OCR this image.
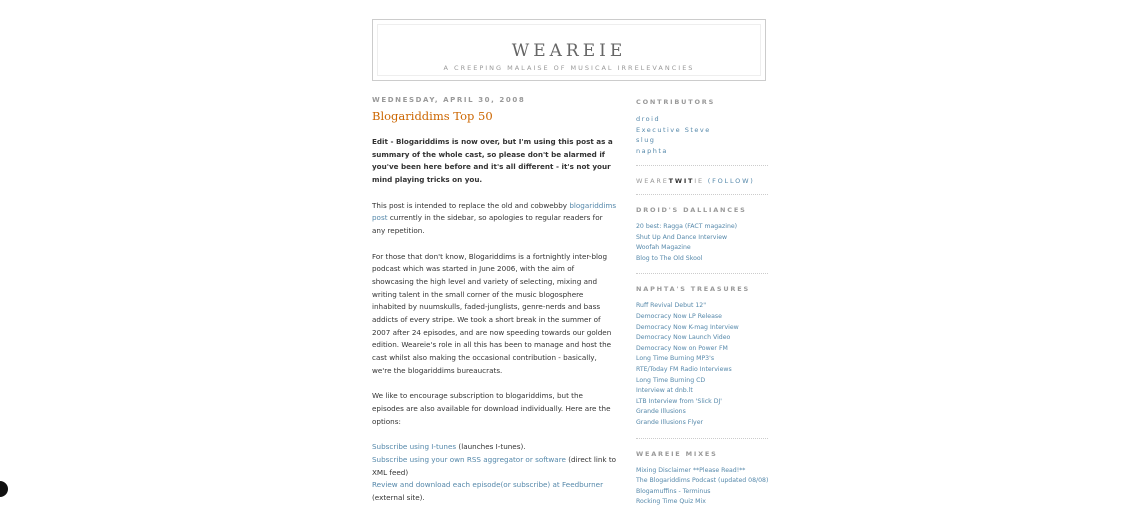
WEAREIE
A CREEPING MALAISE OF MUSICAL IRRELEVANCIES
WEDNESDAY, APRIL 30, 2008
Blogariddims Top 50

Edit - Blogariddims is now over, but I'm using this post as a summary of the whole cast, so please don't be alarmed if you've been here before and it's all different - it's not your mind playing tricks on you.

This post is intended to replace the old and cobwebby blogariddims post currently in the sidebar, so apologies to regular readers for any repetition.

For those that don't know, Blogariddims is a fortnightly inter-blog podcast which was started in June 2006, with the aim of showcasing the high level and variety of selecting, mixing and writing talent in the small corner of the music blogosphere inhabited by nuumskulls, faded-junglists, genre-nerds and bass addicts of every stripe. We took a short break in the summer of 2007 after 24 episodes, and are now speeding towards our golden edition. Weareie's role in all this has been to manage and host the cast whilst also making the occasional contribution - basically, we're the blogariddims bureaucrats.

We like to encourage subscription to blogariddims, but the episodes are also available for download individually. Here are the options:

Subscribe using I-tunes (launches I-tunes).
Subscribe using your own RSS aggregator or software (direct link to XML feed)
Review and download each episode(or subscribe) at Feedburner
(external site).

CONTRIBUTORS
droid
Executive Steve
slug
naphta
WEARETWITIE (FOLLOW)
DROID'S DALLIANCES
20 best: Ragga (FACT magazine)
Shut Up And Dance Interview
Woofah Magazine
Blog to The Old Skool
NAPHTA'S TREASURES
Ruff Revival Debut 12"
Democracy Now LP Release
Democracy Now K-mag Interview
Democracy Now Launch Video
Democracy Now on Power FM
Long Time Burning MP3's
RTE/Today FM Radio Interviews
Long Time Burning CD
Interview at dnb.lt
LTB Interview from 'Slick DJ'
Grande Illusions
Grande Illusions Flyer
WEAREIE MIXES
Mixing Disclaimer **Please Read!**
The Blogariddims Podcast (updated 08/08)
Blogamuffins - Terminus
Rocking Time Quiz Mix
